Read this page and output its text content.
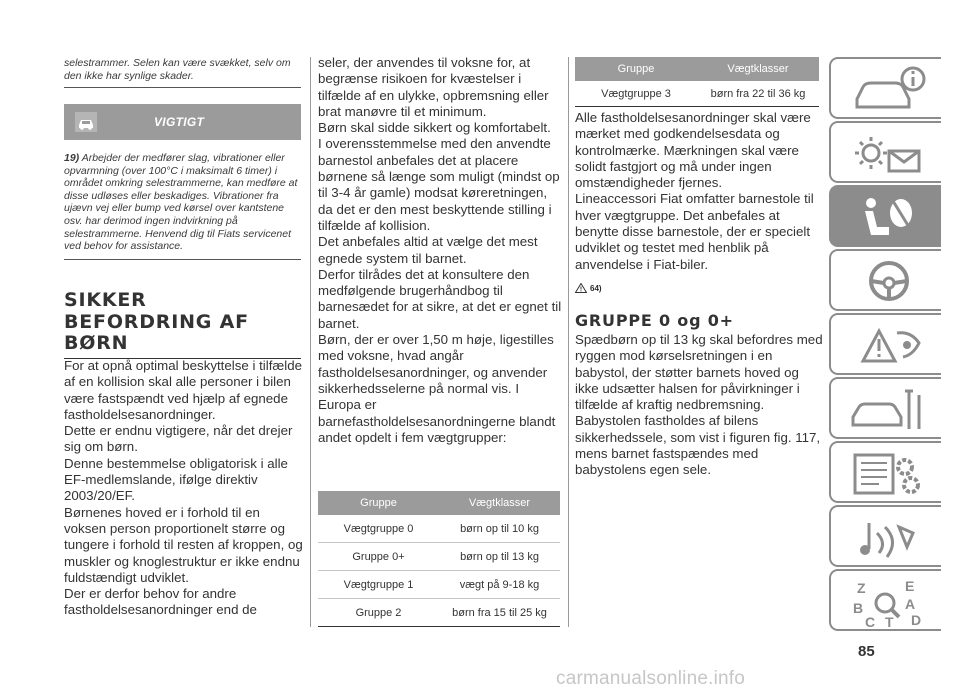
selestrammer. Selen kan være svækket, selv om den ikke har synlige skader.

VIGTIGT
19) Arbejder der medfører slag, vibrationer eller opvarmning (over 100°C i maksimalt 6 timer) i området omkring selestrammerne, kan medføre at disse udløses eller beskadiges. Vibrationer fra ujævn vej eller bump ved kørsel over kantstene osv. har derimod ingen indvirkning på selestrammerne. Henvend dig til Fiats servicenet ved behov for assistance.
SIKKER BEFORDRING AF BØRN

For at opnå optimal beskyttelse i tilfælde af en kollision skal alle personer i bilen være fastspændt ved hjælp af egnede fastholdelsesanordninger.

Dette er endnu vigtigere, når det drejer sig om børn.

Denne bestemmelse obligatorisk i alle EF-medlemslande, ifølge direktiv 2003/20/EF.

Børnenes hoved er i forhold til en voksen person proportionelt større og tungere i forhold til resten af kroppen, og muskler og knoglestruktur er ikke endnu fuldstændigt udviklet.

Der er derfor behov for andre fastholdelsesanordninger end de

seler, der anvendes til voksne for, at begrænse risikoen for kvæstelser i tilfælde af en ulykke, opbremsning eller brat manøvre til et minimum.

Børn skal sidde sikkert og komfortabelt.

I overensstemmelse med den anvendte barnestol anbefales det at placere børnene så længe som muligt (mindst op til 3-4 år gamle) modsat køreretningen, da det er den mest beskyttende stilling i tilfælde af kollision.

Det anbefales altid at vælge det mest egnede system til barnet.

Derfor tilrådes det at konsultere den medfølgende brugerhåndbog til barnesædet for at sikre, at det er egnet til barnet.

Børn, der er over 1,50 m høje, ligestilles med voksne, hvad angår fastholdelsesanordninger, og anvender sikkerhedsselerne på normal vis. I Europa er barnefastholdelsesanordningerne blandt andet opdelt i fem vægtgrupper:

Gruppe	Vægtklasser
Vægtgruppe 0	børn op til 10 kg
Gruppe 0+	børn op til 13 kg
Vægtgruppe 1	vægt på 9-18 kg
Gruppe 2	børn fra 15 til 25 kg
Gruppe	Vægtklasser
Vægtgruppe 3	børn fra 22 til 36 kg

Alle fastholdelsesanordninger skal være mærket med godkendelsesdata og kontrolmærke. Mærkningen skal være solidt fastgjort og må under ingen omstændigheder fjernes.

Lineaccessori Fiat omfatter barnestole til hver vægtgruppe. Det anbefales at benytte disse barnestole, der er specielt udviklet og testet med henblik på anvendelse i Fiat-biler.

64)
GRUPPE 0 og 0+

Spædbørn op til 13 kg skal befordres med ryggen mod kørselsretningen i en babystol, der støtter barnets hoved og ikke udsætter halsen for påvirkninger i tilfælde af kraftig nedbremsning.

Babystolen fastholdes af bilens sikkerhedssele, som vist i figuren fig. 117, mens barnet fastspændes med babystolens egen sele.

Z	E
B	A
C T D
85
carmanualsonline.info
